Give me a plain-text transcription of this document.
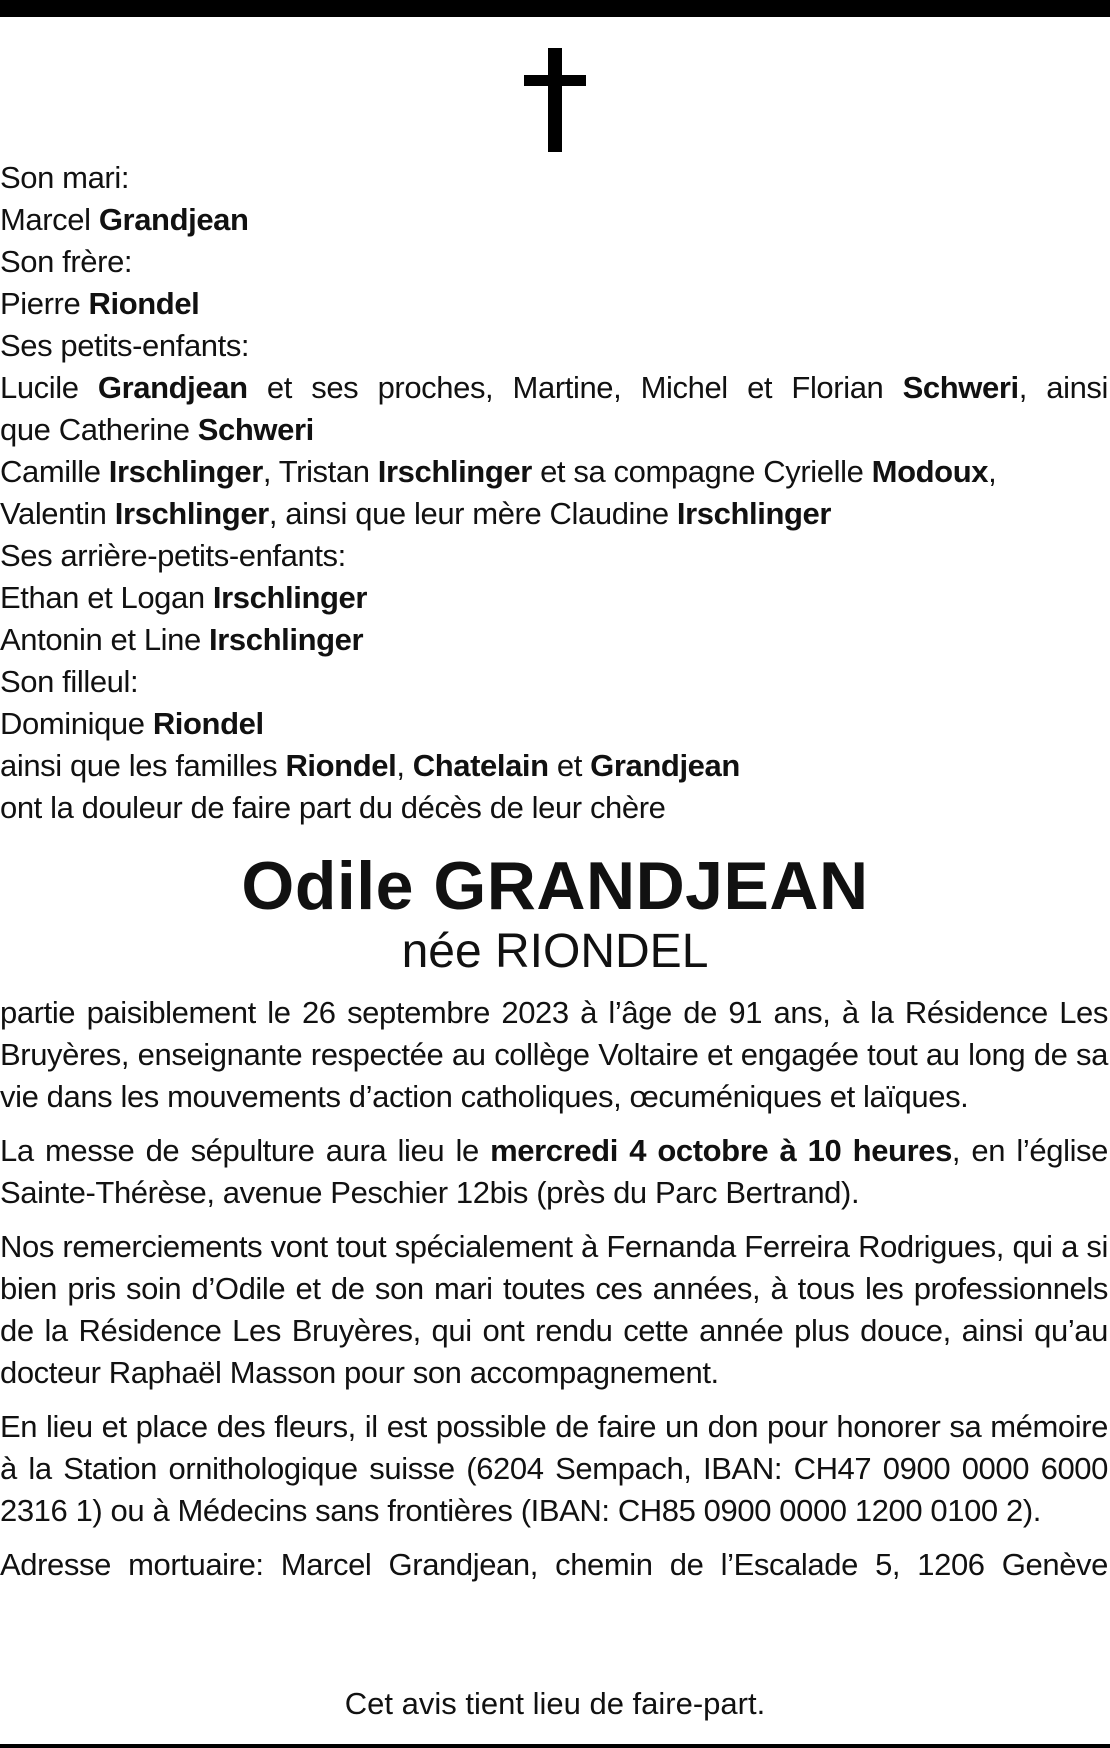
Son mari:
Marcel Grandjean
Son frère:
Pierre Riondel
Ses petits-enfants:
Lucile Grandjean et ses proches, Martine, Michel et Florian Schweri, ainsi
que Catherine Schweri
Camille Irschlinger, Tristan Irschlinger et sa compagne Cyrielle Modoux,
Valentin Irschlinger, ainsi que leur mère Claudine Irschlinger
Ses arrière-petits-enfants:
Ethan et Logan Irschlinger
Antonin et Line Irschlinger
Son filleul:
Dominique Riondel
ainsi que les familles Riondel, Chatelain et Grandjean
ont la douleur de faire part du décès de leur chère
Odile GRANDJEAN
née RIONDEL

partie paisiblement le 26 septembre 2023 à l’âge de 91 ans, à la Résidence Les Bruyères, enseignante respectée au collège Voltaire et engagée tout au long de sa vie dans les mouvements d’action catholiques, œcuméniques et laïques.

La messe de sépulture aura lieu le mercredi 4 octobre à 10 heures, en l’église Sainte-Thérèse, avenue Peschier 12bis (près du Parc Bertrand).

Nos remerciements vont tout spécialement à Fernanda Ferreira Rodrigues, qui a si bien pris soin d’Odile et de son mari toutes ces années, à tous les professionnels de la Résidence Les Bruyères, qui ont rendu cette année plus douce, ainsi qu’au docteur Raphaël Masson pour son accompagnement.

En lieu et place des fleurs, il est possible de faire un don pour honorer sa mémoire à la Station ornithologique suisse (6204 Sempach, IBAN: CH47 0900 0000 6000 2316 1) ou à Médecins sans frontières (IBAN: CH85 0900 0000 1200 0100 2).

Adresse mortuaire: Marcel Grandjean, chemin de l’Escalade 5, 1206 Genève

Cet avis tient lieu de faire-part.
